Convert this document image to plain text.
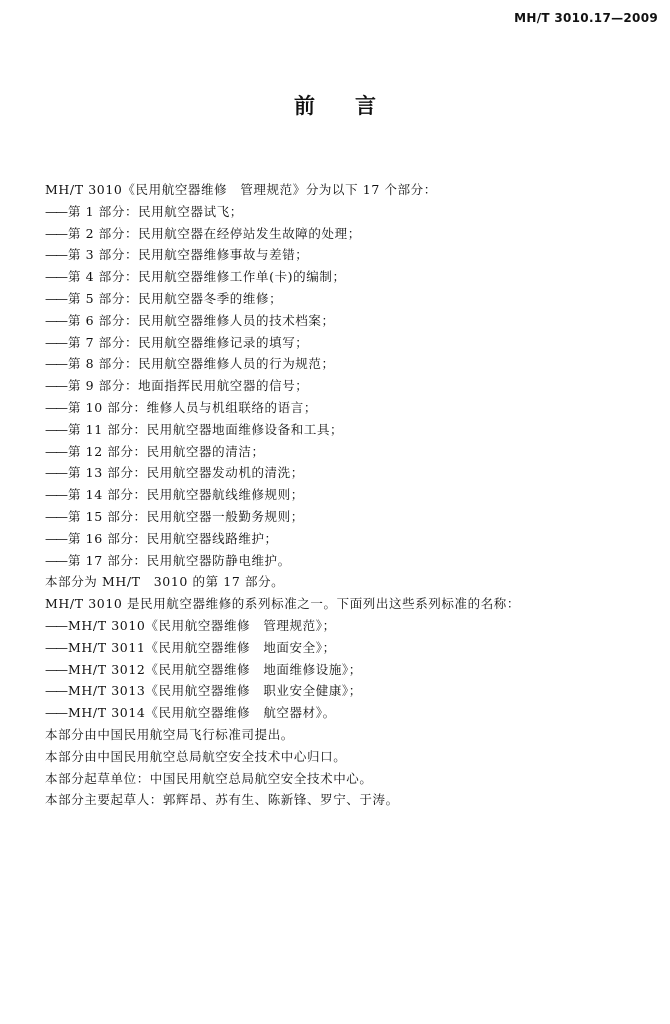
MH/T 3010.17—2009
前言
MH/T 3010《民用航空器维修　管理规范》分为以下 17 个部分：
—— 第 1 部分：民用航空器试飞；
—— 第 2 部分：民用航空器在经停站发生故障的处理；
—— 第 3 部分：民用航空器维修事故与差错；
—— 第 4 部分：民用航空器维修工作单(卡)的编制；
—— 第 5 部分：民用航空器冬季的维修；
—— 第 6 部分：民用航空器维修人员的技术档案；
—— 第 7 部分：民用航空器维修记录的填写；
—— 第 8 部分：民用航空器维修人员的行为规范；
—— 第 9 部分：地面指挥民用航空器的信号；
—— 第 10 部分：维修人员与机组联络的语言；
—— 第 11 部分：民用航空器地面维修设备和工具；
—— 第 12 部分：民用航空器的清洁；
—— 第 13 部分：民用航空器发动机的清洗；
—— 第 14 部分：民用航空器航线维修规则；
—— 第 15 部分：民用航空器一般勤务规则；
—— 第 16 部分：民用航空器线路维护；
—— 第 17 部分：民用航空器防静电维护。
本部分为 MH/T　3010 的第 17 部分。
MH/T 3010 是民用航空器维修的系列标准之一。下面列出这些系列标准的名称：
—— MH/T 3010《民用航空器维修　管理规范》；
—— MH/T 3011《民用航空器维修　地面安全》；
—— MH/T 3012《民用航空器维修　地面维修设施》；
—— MH/T 3013《民用航空器维修　职业安全健康》；
—— MH/T 3014《民用航空器维修　航空器材》。
本部分由中国民用航空局飞行标准司提出。
本部分由中国民用航空总局航空安全技术中心归口。
本部分起草单位：中国民用航空总局航空安全技术中心。
本部分主要起草人：郭辉昂、苏有生、陈新锋、罗宁、于涛。
